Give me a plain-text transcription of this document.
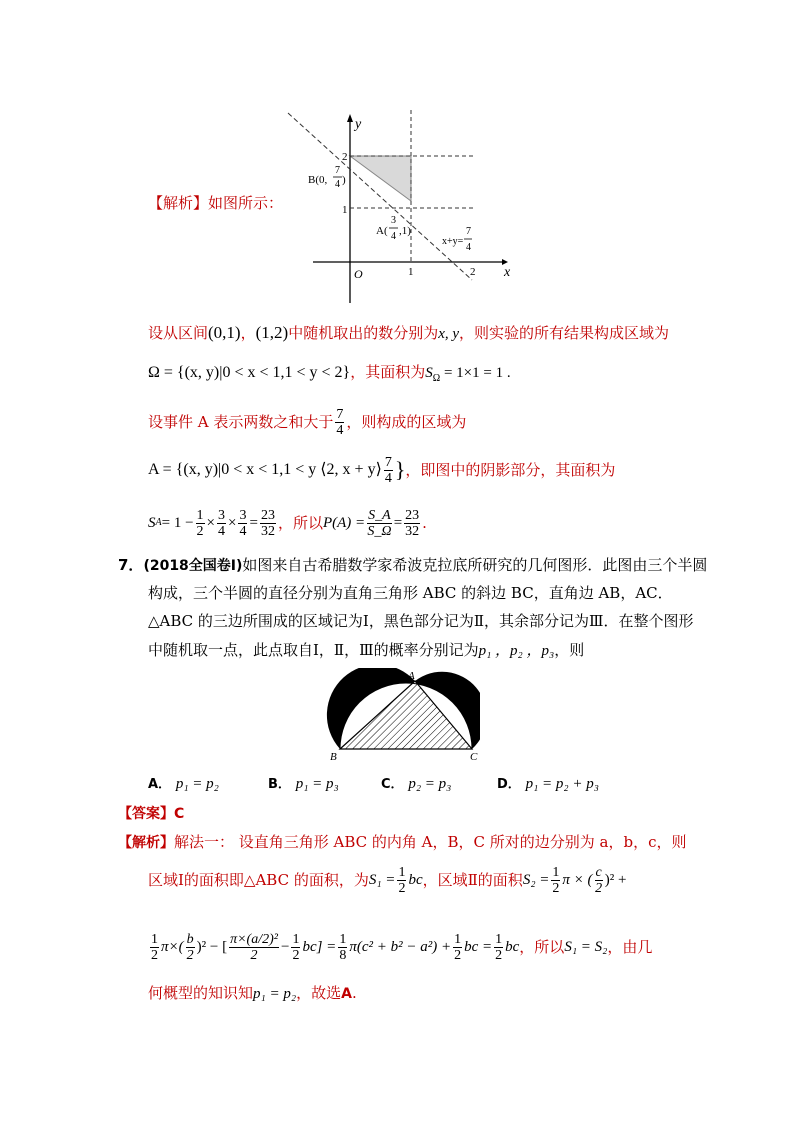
y
x
O	1	2
1
2
B(0,
7
4 )
A(
3
4 ,1)
x+y=
7
4
【解析】如图所示：
设从区间(0,1)，(1,2)中随机取出的数分别为x, y，则实验的所有结果构成区域为
Ω = {(x, y)|0 < x < 1,1 < y < 2}，其面积为$S_\Omega = 1\times 1 = 1$ .
设事件 A 表示两数之和大于 $\frac{7}{4}$ ，则构成的区域为
A = {(x, y)|0 < x < 1,1 < y ⟨2, x + y⟩ $\frac{7}{4}$ } ，即图中的阴影部分，其面积为
S $A = 1 - \frac{1}{2} \times \frac{3}{4} \times \frac{3}{4} = \frac{23}{32}$ ，所以 $P(A) = \frac{S\_A}{S\_\Omega} = \frac{23}{32}$ .
7．(2018全国卷Ⅰ)如图来自古希腊数学家希波克拉底所研究的几何图形．此图由三个半圆
构成，三个半圆的直径分别为直角三角形 ABC 的斜边 BC，直角边 AB，AC．
△ABC 的三边所围成的区域记为Ⅰ，黑色部分记为Ⅱ，其余部分记为Ⅲ．在整个图形
中随机取一点，此点取自Ⅰ，Ⅱ，Ⅲ的概率分别记为p₁ ，p₂ ，p₃，则
A
B	C
A． p₁ = p₂	B． p₁ = p₃	C． p₂ = p₃	D． p₁ = p₂ + p₃
【答案】C
【解析】解法一： 设直角三角形 ABC 的内角 A，B，C 所对的边分别为 a，b，c，则
区域Ⅰ的面积即△ABC 的面积，为 $S_1 = \frac{1}{2}$ bc ，区域Ⅱ的面积 $S_2 = \frac{1}{2}$ π × ( $\frac{c}{2} )^2$ +
$\frac{1}{2} \pi\times( \frac{b}{2} )^2$ − [ $\frac{\text{π×(a/2)²}}{2} - \frac{1}{2} bc] = \frac{1}{8} \pi(c^2 + b^2 - a^2) + \frac{1}{2}$ bc = $\frac{1}{2}$ bc ，所以 S₁ = S₂ ，由几
何概型的知识知p₁ = p₂，故选A.
